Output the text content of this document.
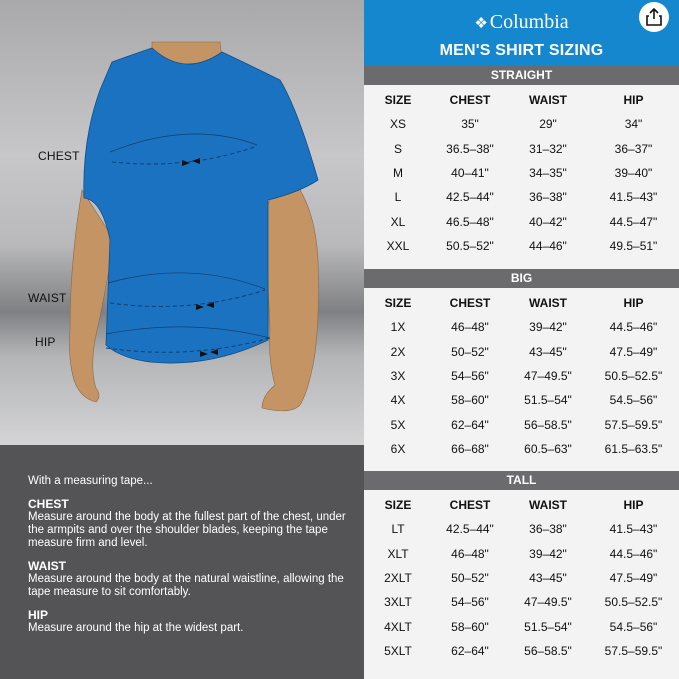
CHEST
WAIST
HIP

With a measuring tape...

CHEST

Measure around the body at the fullest part of the chest, under the armpits and over the shoulder blades, keeping the tape measure firm and level.

WAIST

Measure around the body at the natural waistline, allowing the tape measure to sit comfortably.

HIP

Measure around the hip at the widest part.

❖ Columbia
MEN'S SHIRT SIZING
STRAIGHT
SIZE	CHEST	WAIST	HIP
XS	35"	29"	34"
S	36.5–38"	31–32"	36–37"
M	40–41"	34–35"	39–40"
L	42.5–44"	36–38"	41.5–43"
XL	46.5–48"	40–42"	44.5–47"
XXL	50.5–52"	44–46"	49.5–51"
BIG
SIZE	CHEST	WAIST	HIP
1X	46–48"	39–42"	44.5–46"
2X	50–52"	43–45"	47.5–49"
3X	54–56"	47–49.5"	50.5–52.5"
4X	58–60"	51.5–54"	54.5–56"
5X	62–64"	56–58.5"	57.5–59.5"
6X	66–68"	60.5–63"	61.5–63.5"
TALL
SIZE	CHEST	WAIST	HIP
LT	42.5–44"	36–38"	41.5–43"
XLT	46–48"	39–42"	44.5–46"
2XLT	50–52"	43–45"	47.5–49"
3XLT	54–56"	47–49.5"	50.5–52.5"
4XLT	58–60"	51.5–54"	54.5–56"
5XLT	62–64"	56–58.5"	57.5–59.5"
